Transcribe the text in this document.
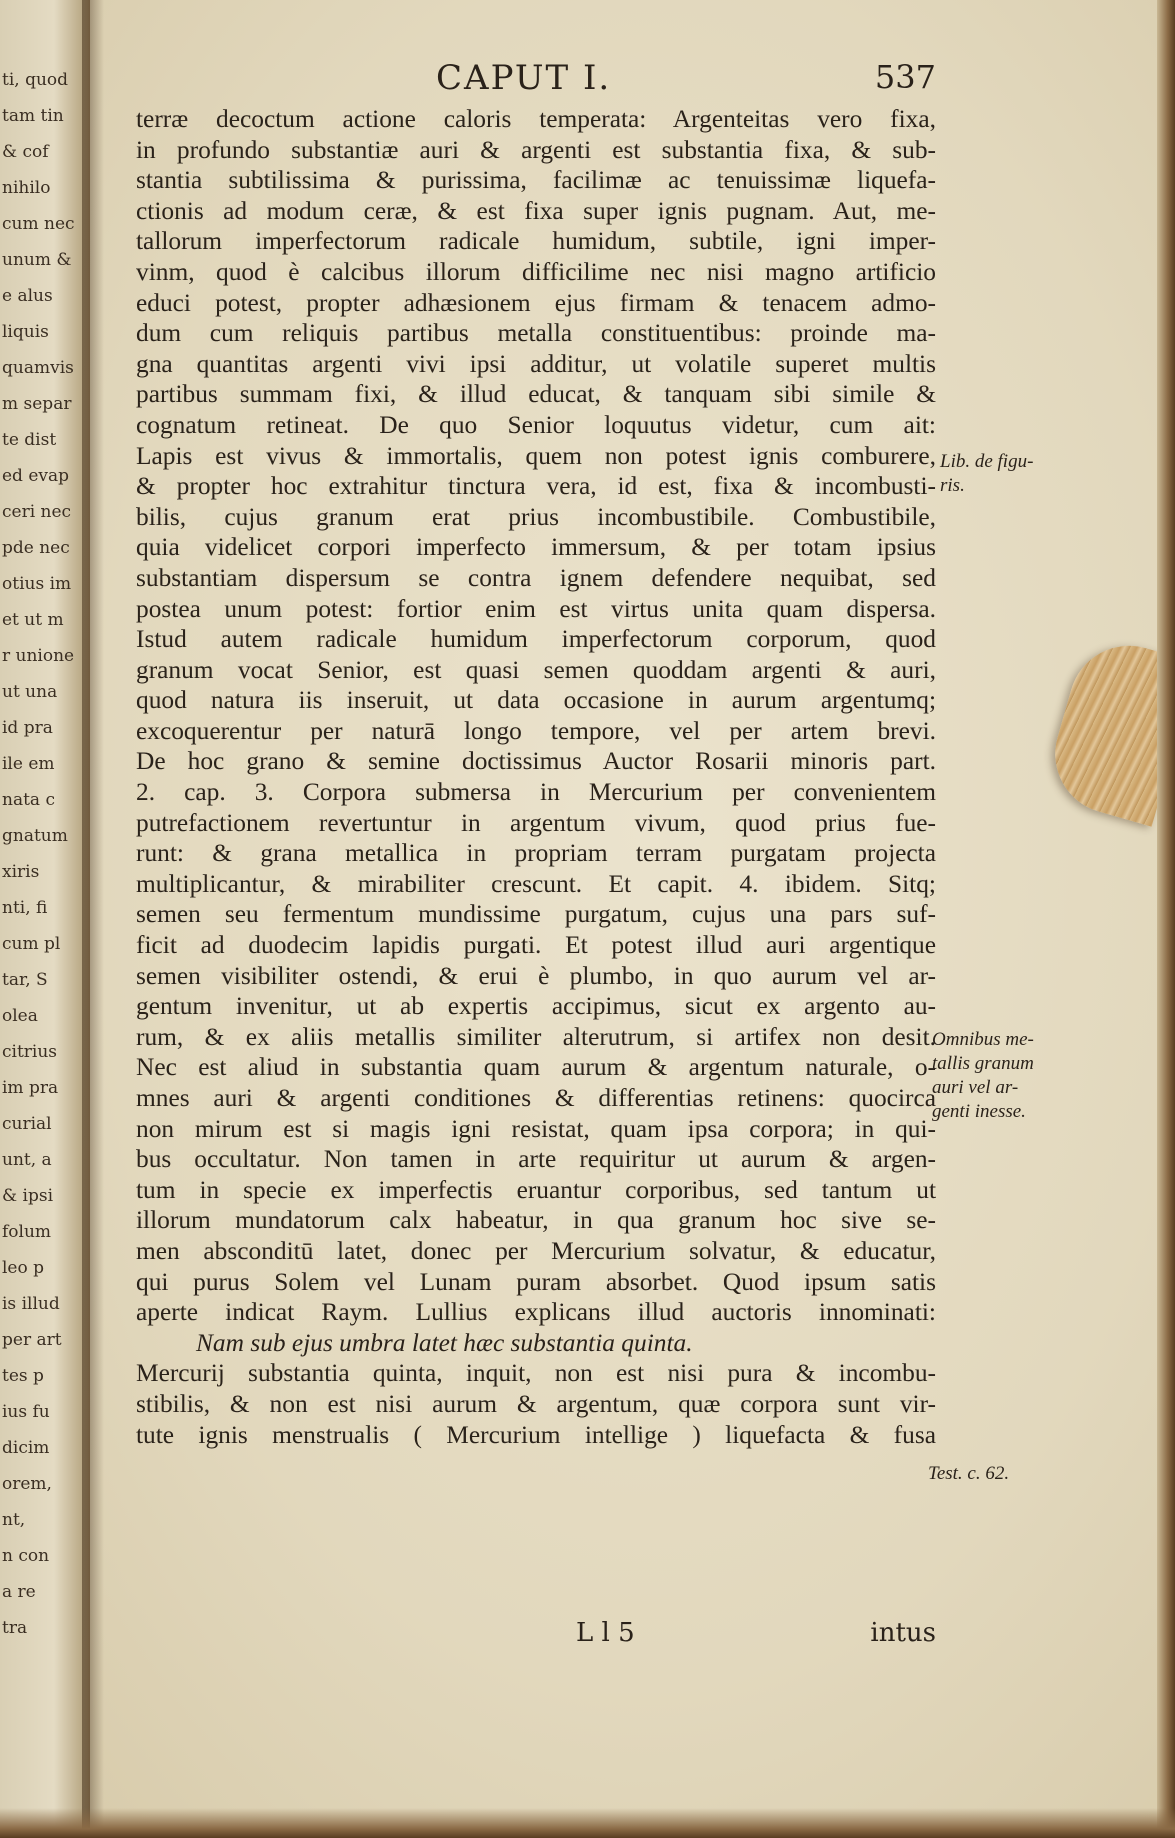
ti, quod
tam tin
& cof
nihilo
cum nec
unum &
e alus
liquis
quamvis
m separ
te dist
ed evap
ceri nec
pde nec
otius im
et ut m
r unione
ut una
id pra
ile em
nata c
gnatum
xiris
nti, fi
cum pl
tar, S
olea
citrius
im pra
curial
unt, a
& ipsi
folum
leo p
is illud
per art
tes p
ius fu
dicim
orem,
nt,
n con
a re
tra
CAPUT I.	537
terræ decoctum actione caloris temperata: Argenteitas vero fixa,
in profundo substantiæ auri & argenti est substantia fixa, & sub-
stantia subtilissima & purissima, facilimæ ac tenuissimæ liquefa-
ctionis ad modum ceræ, & est fixa super ignis pugnam. Aut, me-
tallorum imperfectorum radicale humidum, subtile, igni imper-
vinm, quod è calcibus illorum difficilime nec nisi magno artificio
educi potest, propter adhæsionem ejus firmam & tenacem admo-
dum cum reliquis partibus metalla constituentibus: proinde ma-
gna quantitas argenti vivi ipsi additur, ut volatile superet multis
partibus summam fixi, & illud educat, & tanquam sibi simile &
cognatum retineat. De quo Senior loquutus videtur, cum ait:
Lapis est vivus & immortalis, quem non potest ignis comburere,
& propter hoc extrahitur tinctura vera, id est, fixa & incombusti-
bilis, cujus granum erat prius incombustibile. Combustibile,
quia videlicet corpori imperfecto immersum, & per totam ipsius
substantiam dispersum se contra ignem defendere nequibat, sed
postea unum potest: fortior enim est virtus unita quam dispersa.
Istud autem radicale humidum imperfectorum corporum, quod
granum vocat Senior, est quasi semen quoddam argenti & auri,
quod natura iis inseruit, ut data occasione in aurum argentumq;
excoquerentur per naturā longo tempore, vel per artem brevi.
De hoc grano & semine doctissimus Auctor Rosarii minoris part.
2. cap. 3. Corpora submersa in Mercurium per convenientem
putrefactionem revertuntur in argentum vivum, quod prius fue-
runt: & grana metallica in propriam terram purgatam projecta
multiplicantur, & mirabiliter crescunt. Et capit. 4. ibidem. Sitq;
semen seu fermentum mundissime purgatum, cujus una pars suf-
ficit ad duodecim lapidis purgati. Et potest illud auri argentique
semen visibiliter ostendi, & erui è plumbo, in quo aurum vel ar-
gentum invenitur, ut ab expertis accipimus, sicut ex argento au-
rum, & ex aliis metallis similiter alterutrum, si artifex non desit.
Nec est aliud in substantia quam aurum & argentum naturale, o-
mnes auri & argenti conditiones & differentias retinens: quocirca
non mirum est si magis igni resistat, quam ipsa corpora; in qui-
bus occultatur. Non tamen in arte requiritur ut aurum & argen-
tum in specie ex imperfectis eruantur corporibus, sed tantum ut
illorum mundatorum calx habeatur, in qua granum hoc sive se-
men absconditū latet, donec per Mercurium solvatur, & educatur,
qui purus Solem vel Lunam puram absorbet. Quod ipsum satis
aperte indicat Raym. Lullius explicans illud auctoris innominati:
Nam sub ejus umbra latet hæc substantia quinta.
Mercurij substantia quinta, inquit, non est nisi pura & incombu-
stibilis, & non est nisi aurum & argentum, quæ corpora sunt vir-
tute ignis menstrualis ( Mercurium intellige ) liquefacta & fusa
Lib. de figu-
ris.
Omnibus me-
tallis granum
auri vel ar-
genti inesse.
Test. c. 62.
L l 5	intus
